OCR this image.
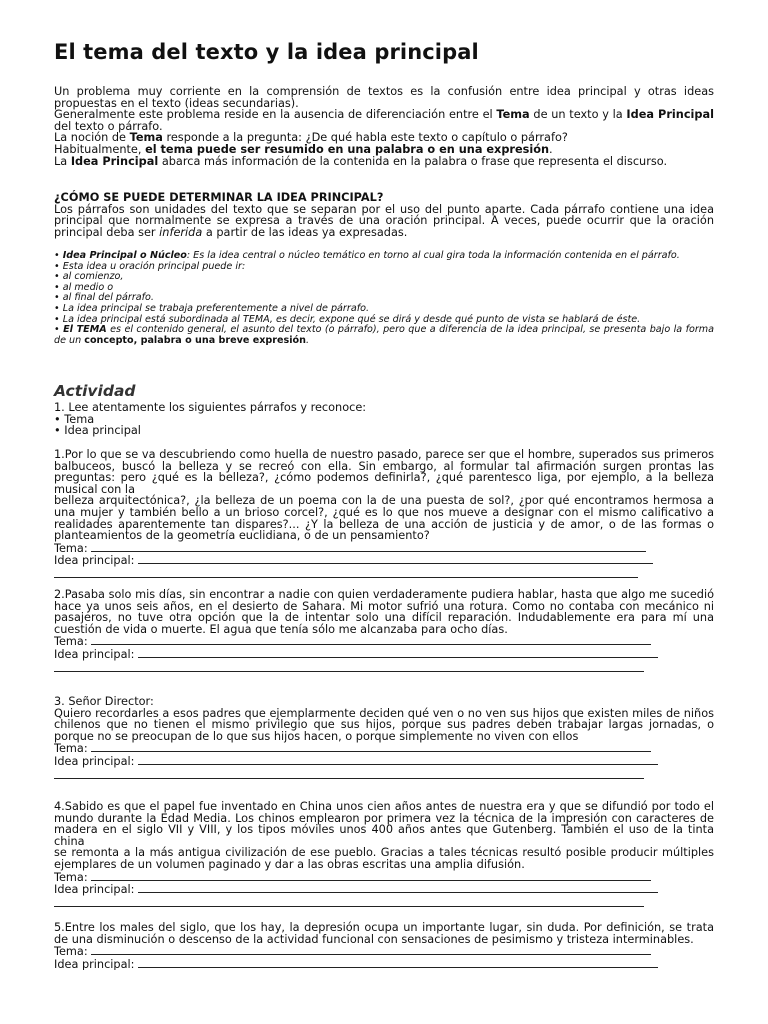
El tema del texto y la idea principal

Un problema muy corriente en la comprensión de textos es la confusión entre idea principal y otras ideas propuestas en el texto (ideas secundarias).

Generalmente este problema reside en la ausencia de diferenciación entre el Tema de un texto y la Idea Principal del texto o párrafo.

La noción de Tema responde a la pregunta: ¿De qué habla este texto o capítulo o párrafo?

Habitualmente, el tema puede ser resumido en una palabra o en una expresión.

La Idea Principal abarca más información de la contenida en la palabra o frase que representa el discurso.

¿CÓMO SE PUEDE DETERMINAR LA IDEA PRINCIPAL?

Los párrafos son unidades del texto que se separan por el uso del punto aparte. Cada párrafo contiene una idea principal que normalmente se expresa a través de una oración principal. A veces, puede ocurrir que la oración principal deba ser inferida a partir de las ideas ya expresadas.

• Idea Principal o Núcleo: Es la idea central o núcleo temático en torno al cual gira toda la información contenida en el párrafo.

• Esta idea u oración principal puede ir:

• al comienzo,

• al medio o

• al final del párrafo.

• La idea principal se trabaja preferentemente a nivel de párrafo.

• La idea principal está subordinada al TEMA, es decir, expone qué se dirá y desde qué punto de vista se hablará de éste.

• El TEMA es el contenido general, el asunto del texto (o párrafo), pero que a diferencia de la idea principal, se presenta bajo la forma de un concepto, palabra o una breve expresión.

Actividad

1. Lee atentamente los siguientes párrafos y reconoce:

• Tema

• Idea principal

1.Por lo que se va descubriendo como huella de nuestro pasado, parece ser que el hombre, superados sus primeros balbuceos, buscó la belleza y se recreó con ella. Sin embargo, al formular tal afirmación surgen prontas las preguntas: pero ¿qué es la belleza?, ¿cómo podemos definirla?, ¿qué parentesco liga, por ejemplo, a la belleza musical con la

belleza arquitectónica?, ¿la belleza de un poema con la de una puesta de sol?, ¿por qué encontramos hermosa a una mujer y también bello a un brioso corcel?, ¿qué es lo que nos mueve a designar con el mismo calificativo a realidades aparentemente tan dispares?... ¿Y la belleza de una acción de justicia y de amor, o de las formas o planteamientos de la geometría euclidiana, o de un pensamiento?

Tema:
Idea principal:

2.Pasaba solo mis días, sin encontrar a nadie con quien verdaderamente pudiera hablar, hasta que algo me sucedió hace ya unos seis años, en el desierto de Sahara. Mi motor sufrió una rotura. Como no contaba con mecánico ni pasajeros, no tuve otra opción que la de intentar solo una difícil reparación. Indudablemente era para mí una cuestión de vida o muerte. El agua que tenía sólo me alcanzaba para ocho días.

Tema:
Idea principal:

3. Señor Director:

Quiero recordarles a esos padres que ejemplarmente deciden qué ven o no ven sus hijos que existen miles de niños chilenos que no tienen el mismo privilegio que sus hijos, porque sus padres deben trabajar largas jornadas, o porque no se preocupan de lo que sus hijos hacen, o porque simplemente no viven con ellos

Tema:
Idea principal:

4.Sabido es que el papel fue inventado en China unos cien años antes de nuestra era y que se difundió por todo el mundo durante la Edad Media. Los chinos emplearon por primera vez la técnica de la impresión con caracteres de madera en el siglo VII y VIII, y los tipos móviles unos 400 años antes que Gutenberg. También el uso de la tinta china

se remonta a la más antigua civilización de ese pueblo. Gracias a tales técnicas resultó posible producir múltiples ejemplares de un volumen paginado y dar a las obras escritas una amplia difusión.

Tema:
Idea principal:

5.Entre los males del siglo, que los hay, la depresión ocupa un importante lugar, sin duda. Por definición, se trata de una disminución o descenso de la actividad funcional con sensaciones de pesimismo y tristeza interminables.

Tema:
Idea principal:
